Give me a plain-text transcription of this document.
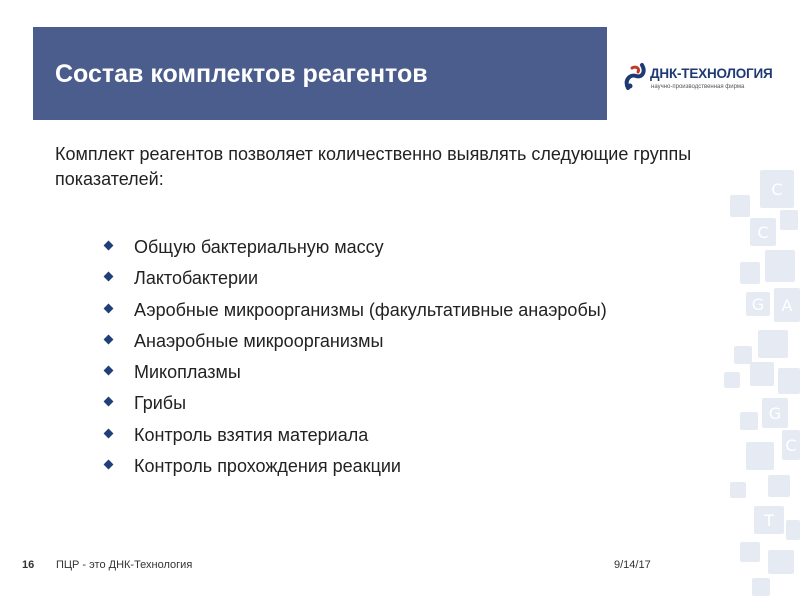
C
C
G A
G
C
T
Состав комплектов реагентов	ДНК-ТЕХНОЛОГИЯ
научно-производственная фирма
Комплект реагентов позволяет количественно выявлять следующие группы показателей:
Общую бактериальную массу
Лактобактерии
Аэробные микроорганизмы (факультативные анаэробы)
Анаэробные микроорганизмы
Микоплазмы
Грибы
Контроль взятия материала
Контроль прохождения реакции
16 ПЦР - это ДНК-Технология	9/14/17
